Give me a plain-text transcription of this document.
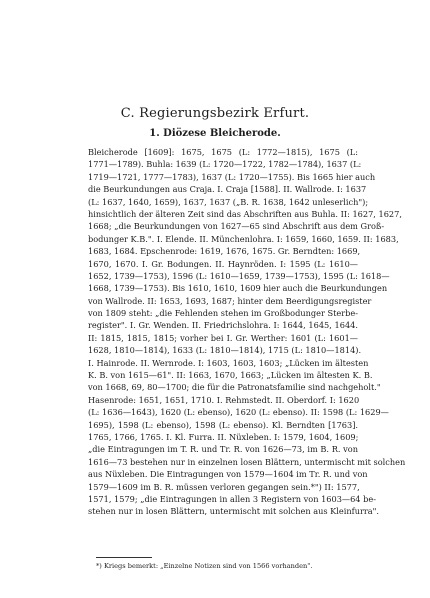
C. Regierungsbezirk Erfurt.
1. Diözese Bleicherode.
Bleicherode [1609]: 1675, 1675 (L: 1772—1815), 1675 (L:
1771—1789). Buhla: 1639 (L: 1720—1722, 1782—1784), 1637 (L:
1719—1721, 1777—1783), 1637 (L: 1720—1755). Bis 1665 hier auch
die Beurkundungen aus Craja. I. Craja [1588]. II. Wallrode. I: 1637
(L: 1637, 1640, 1659), 1637, 1637 („B. R. 1638, 1642 unleserlich");
hinsichtlich der älteren Zeit sind das Abschriften aus Buhla. II: 1627, 1627,
1668; „die Beurkundungen von 1627—65 sind Abschrift aus dem Groß-
bodunger K.B.". I. Elende. II. Münchenlohra. I: 1659, 1660, 1659. II: 1683,
1683, 1684. Epschenrode: 1619, 1676, 1675. Gr. Berndten: 1669,
1670, 1670. I. Gr. Bodungen. II. Haynröden. I: 1595 (L: 1610—
1652, 1739—1753), 1596 (L: 1610—1659, 1739—1753), 1595 (L: 1618—
1668, 1739—1753). Bis 1610, 1610, 1609 hier auch die Beurkundungen
von Wallrode. II: 1653, 1693, 1687; hinter dem Beerdigungsregister
von 1809 steht: „die Fehlenden stehen im Großbodunger Sterbe-
register". I. Gr. Wenden. II. Friedrichslohra. I: 1644, 1645, 1644.
II: 1815, 1815, 1815; vorher bei I. Gr. Werther: 1601 (L: 1601—
1628, 1810—1814), 1633 (L: 1810—1814), 1715 (L: 1810—1814).
I. Hainrode. II. Wernrode. I: 1603, 1603, 1603; „Lücken im ältesten
K. B. von 1615—61". II: 1663, 1670, 1663; „Lücken im ältesten K. B.
von 1668, 69, 80—1700; die für die Patronatsfamilie sind nachgeholt."
Hasenrode: 1651, 1651, 1710. I. Rehmstedt. II. Oberdorf. I: 1620
(L: 1636—1643), 1620 (L: ebenso), 1620 (L: ebenso). II: 1598 (L: 1629—
1695), 1598 (L: ebenso), 1598 (L: ebenso). Kl. Berndten [1763].
1765, 1766, 1765. I. Kl. Furra. II. Nüxleben. I: 1579, 1604, 1609;
„die Eintragungen im T. R. und Tr. R. von 1626—73, im B. R. von
1616—73 bestehen nur in einzelnen losen Blättern, untermischt mit solchen
aus Nüxleben. Die Eintragungen von 1579—1604 im Tr. R. und von
1579—1609 im B. R. müssen verloren gegangen sein.*") II: 1577,
1571, 1579; „die Eintragungen in allen 3 Registern von 1603—64 be-
stehen nur in losen Blättern, untermischt mit solchen aus Kleinfurra".
*) Kriegs bemerkt: „Einzelne Notizen sind von 1566 vorhanden".
